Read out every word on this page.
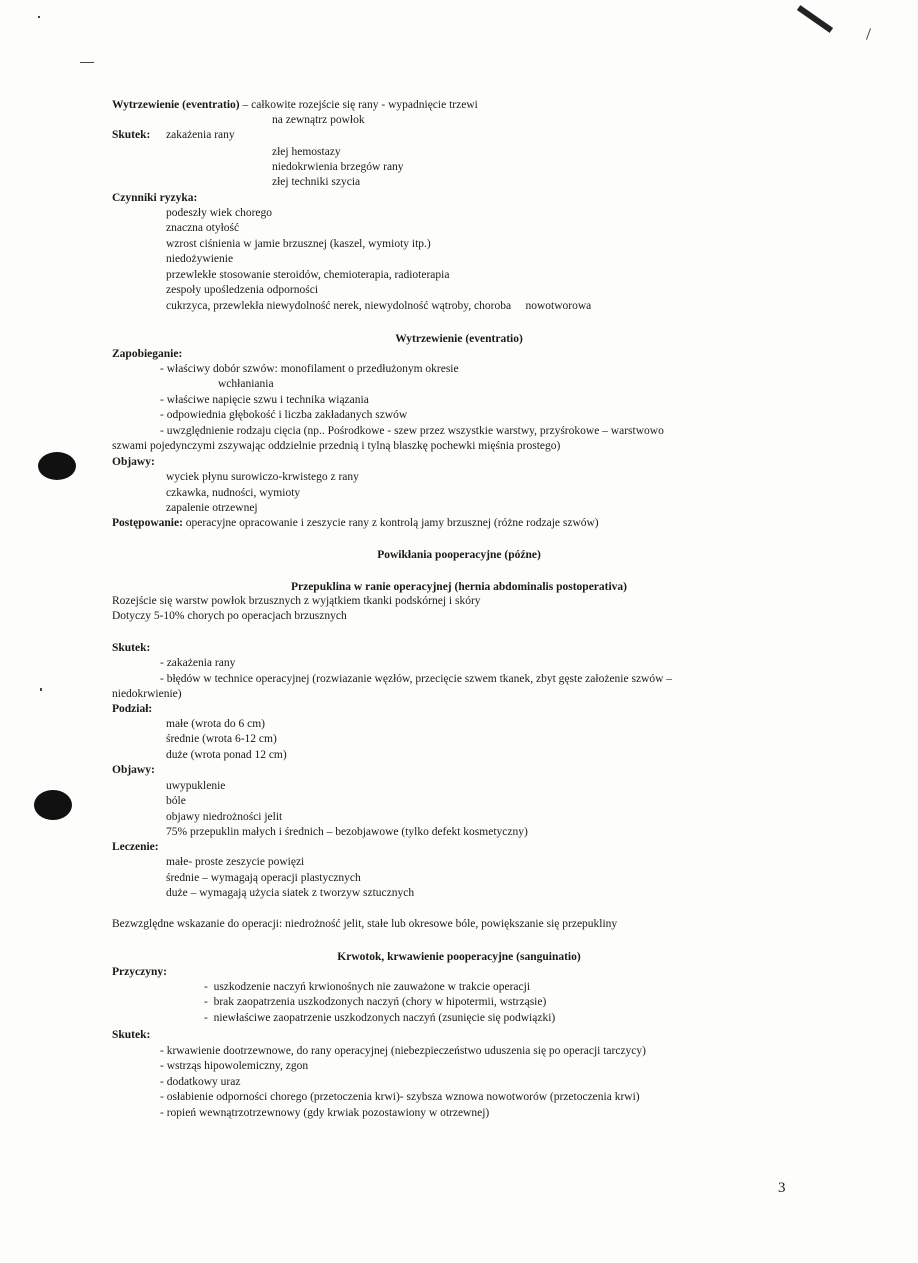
Wytrzewienie (eventratio) – całkowite rozejście się rany - wypadnięcie trzewi
na zewnątrz powłok
Skutek: zakażenia rany
złej hemostazy
niedokrwienia brzegów rany
złej techniki szycia
Czynniki ryzyka:
podeszły wiek chorego
znaczna otyłość
wzrost ciśnienia w jamie brzusznej (kaszel, wymioty itp.)
niedożywienie
przewlekłe stosowanie steroidów, chemioterapia, radioterapia
zespoły upośledzenia odporności
cukrzyca, przewlekła niewydolność nerek, niewydolność wątroby, choroba     nowotworowa
Wytrzewienie (eventratio)
Zapobieganie:
- właściwy dobór szwów: monofilament o przedłużonym okresie
wchłaniania
- właściwe napięcie szwu i technika wiązania
- odpowiednia głębokość i liczba zakładanych szwów
- uwzględnienie rodzaju cięcia (np.. Pośrodkowe - szew przez wszystkie warstwy, przyśrokowe – warstwowo
szwami pojedynczymi zszywając oddzielnie przednią i tylną blaszkę pochewki mięśnia prostego)
Objawy:
wyciek płynu surowiczo-krwistego z rany
czkawka, nudności, wymioty
zapalenie otrzewnej
Postępowanie: operacyjne opracowanie i zeszycie rany z kontrolą jamy brzusznej (różne rodzaje szwów)
Powikłania pooperacyjne (późne)
Przepuklina w ranie operacyjnej (hernia abdominalis postoperativa)
Rozejście się warstw powłok brzusznych z wyjątkiem tkanki podskórnej i skóry
Dotyczy 5-10% chorych po operacjach brzusznych
Skutek:
- zakażenia rany
- błędów w technice operacyjnej (rozwiazanie węzłów, przecięcie szwem tkanek, zbyt gęste założenie szwów –
niedokrwienie)
Podział:
małe (wrota do 6 cm)
średnie (wrota 6-12 cm)
duże (wrota ponad 12 cm)
Objawy:
uwypuklenie
bóle
objawy niedrożności jelit
75% przepuklin małych i średnich – bezobjawowe (tylko defekt kosmetyczny)
Leczenie:
małe- proste zeszycie powięzi
średnie – wymagają operacji plastycznych
duże – wymagają użycia siatek z tworzyw sztucznych
Bezwzględne wskazanie do operacji: niedrożność jelit, stałe lub okresowe bóle, powiększanie się przepukliny
Krwotok, krwawienie pooperacyjne (sanguinatio)
Przyczyny:
-  uszkodzenie naczyń krwionośnych nie zauważone w trakcie operacji
-  brak zaopatrzenia uszkodzonych naczyń (chory w hipotermii, wstrząsie)
-  niewłaściwe zaopatrzenie uszkodzonych naczyń (zsunięcie się podwiązki)
Skutek:
- krwawienie dootrzewnowe, do rany operacyjnej (niebezpieczeństwo uduszenia się po operacji tarczycy)
- wstrząs hipowolemiczny, zgon
- dodatkowy uraz
- osłabienie odporności chorego (przetoczenia krwi)- szybsza wznowa nowotworów (przetoczenia krwi)
- ropień wewnątrzotrzewnowy (gdy krwiak pozostawiony w otrzewnej)
3
